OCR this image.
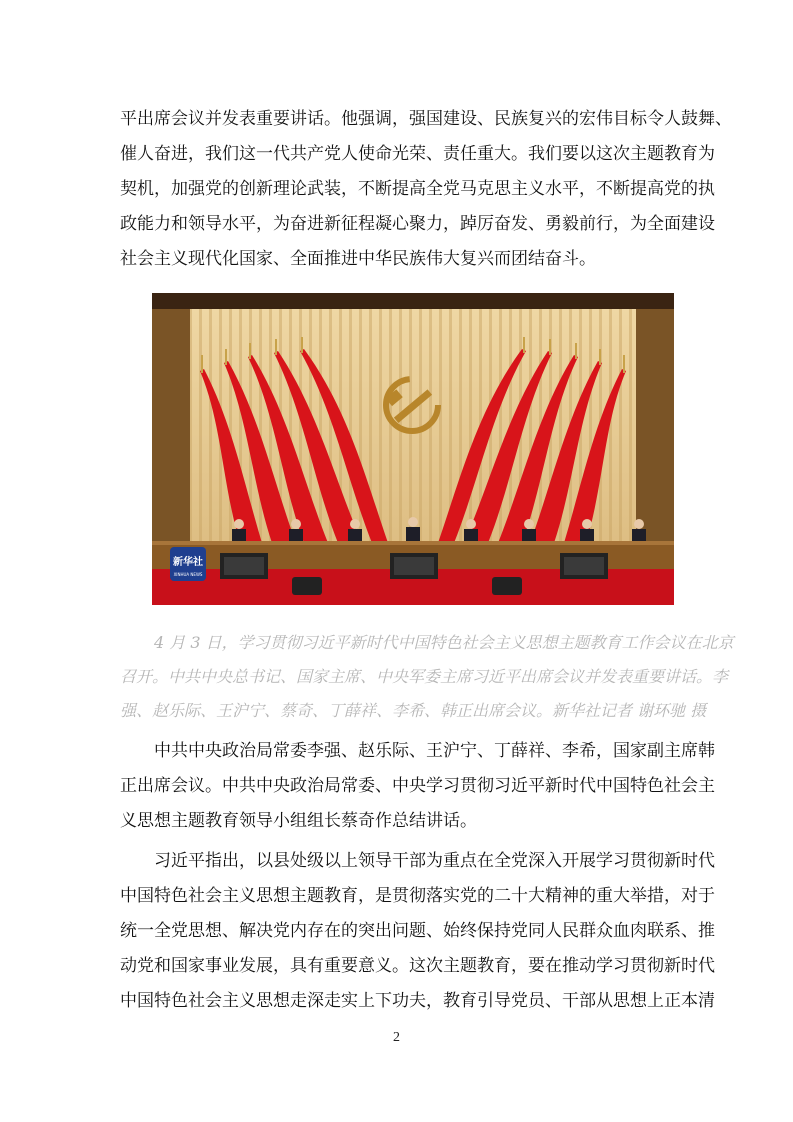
平出席会议并发表重要讲话。他强调，强国建设、民族复兴的宏伟目标令人鼓舞、
催人奋进，我们这一代共产党人使命光荣、责任重大。我们要以这次主题教育为
契机，加强党的创新理论武装，不断提高全党马克思主义水平，不断提高党的执
政能力和领导水平，为奋进新征程凝心聚力，踔厉奋发、勇毅前行，为全面建设
社会主义现代化国家、全面推进中华民族伟大复兴而团结奋斗。

新华社
XINHUA NEWS

4 月 3 日，学习贯彻习近平新时代中国特色社会主义思想主题教育工作会议在北京
召开。中共中央总书记、国家主席、中央军委主席习近平出席会议并发表重要讲话。李
强、赵乐际、王沪宁、蔡奇、丁薛祥、李希、韩正出席会议。新华社记者 谢环驰 摄

中共中央政治局常委李强、赵乐际、王沪宁、丁薛祥、李希，国家副主席韩
正出席会议。中共中央政治局常委、中央学习贯彻习近平新时代中国特色社会主
义思想主题教育领导小组组长蔡奇作总结讲话。

习近平指出，以县处级以上领导干部为重点在全党深入开展学习贯彻新时代
中国特色社会主义思想主题教育，是贯彻落实党的二十大精神的重大举措，对于
统一全党思想、解决党内存在的突出问题、始终保持党同人民群众血肉联系、推
动党和国家事业发展，具有重要意义。这次主题教育，要在推动学习贯彻新时代
中国特色社会主义思想走深走实上下功夫，教育引导党员、干部从思想上正本清

2
